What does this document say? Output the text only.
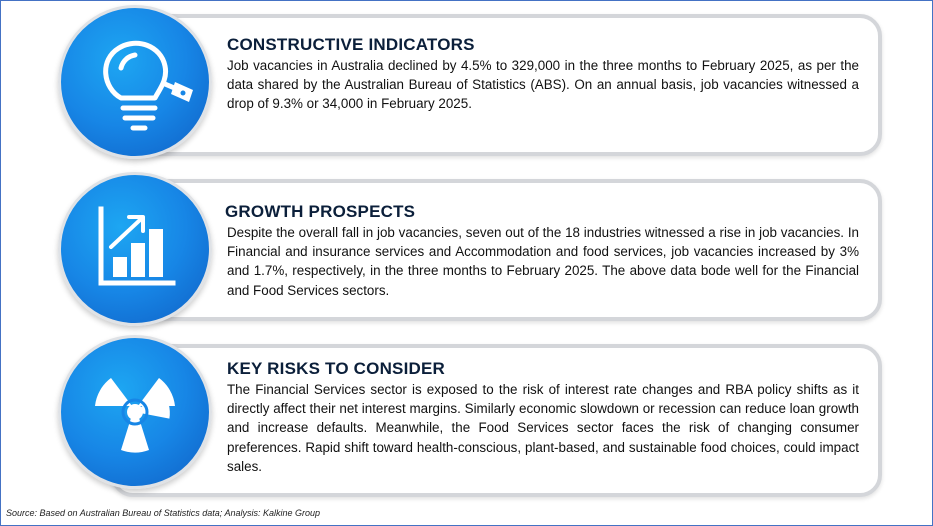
CONSTRUCTIVE INDICATORS

Job vacancies in Australia declined by 4.5% to 329,000 in the three months to February 2025, as per the data shared by the Australian Bureau of Statistics (ABS). On an annual basis, job vacancies witnessed a drop of 9.3% or 34,000 in February 2025.

GROWTH PROSPECTS

Despite the overall fall in job vacancies, seven out of the 18 industries witnessed a rise in job vacancies. In Financial and insurance services and Accommodation and food services, job vacancies increased by 3% and 1.7%, respectively, in the three months to February 2025. The above data bode well for the Financial and Food Services sectors.

KEY RISKS TO CONSIDER

The Financial Services sector is exposed to the risk of interest rate changes and RBA policy shifts as it directly affect their net interest margins. Similarly economic slowdown or recession can reduce loan growth and increase defaults. Meanwhile, the Food Services sector faces the risk of changing consumer preferences. Rapid shift toward health-conscious, plant-based, and sustainable food choices, could impact sales.

Source: Based on Australian Bureau of Statistics data; Analysis: Kalkine Group
